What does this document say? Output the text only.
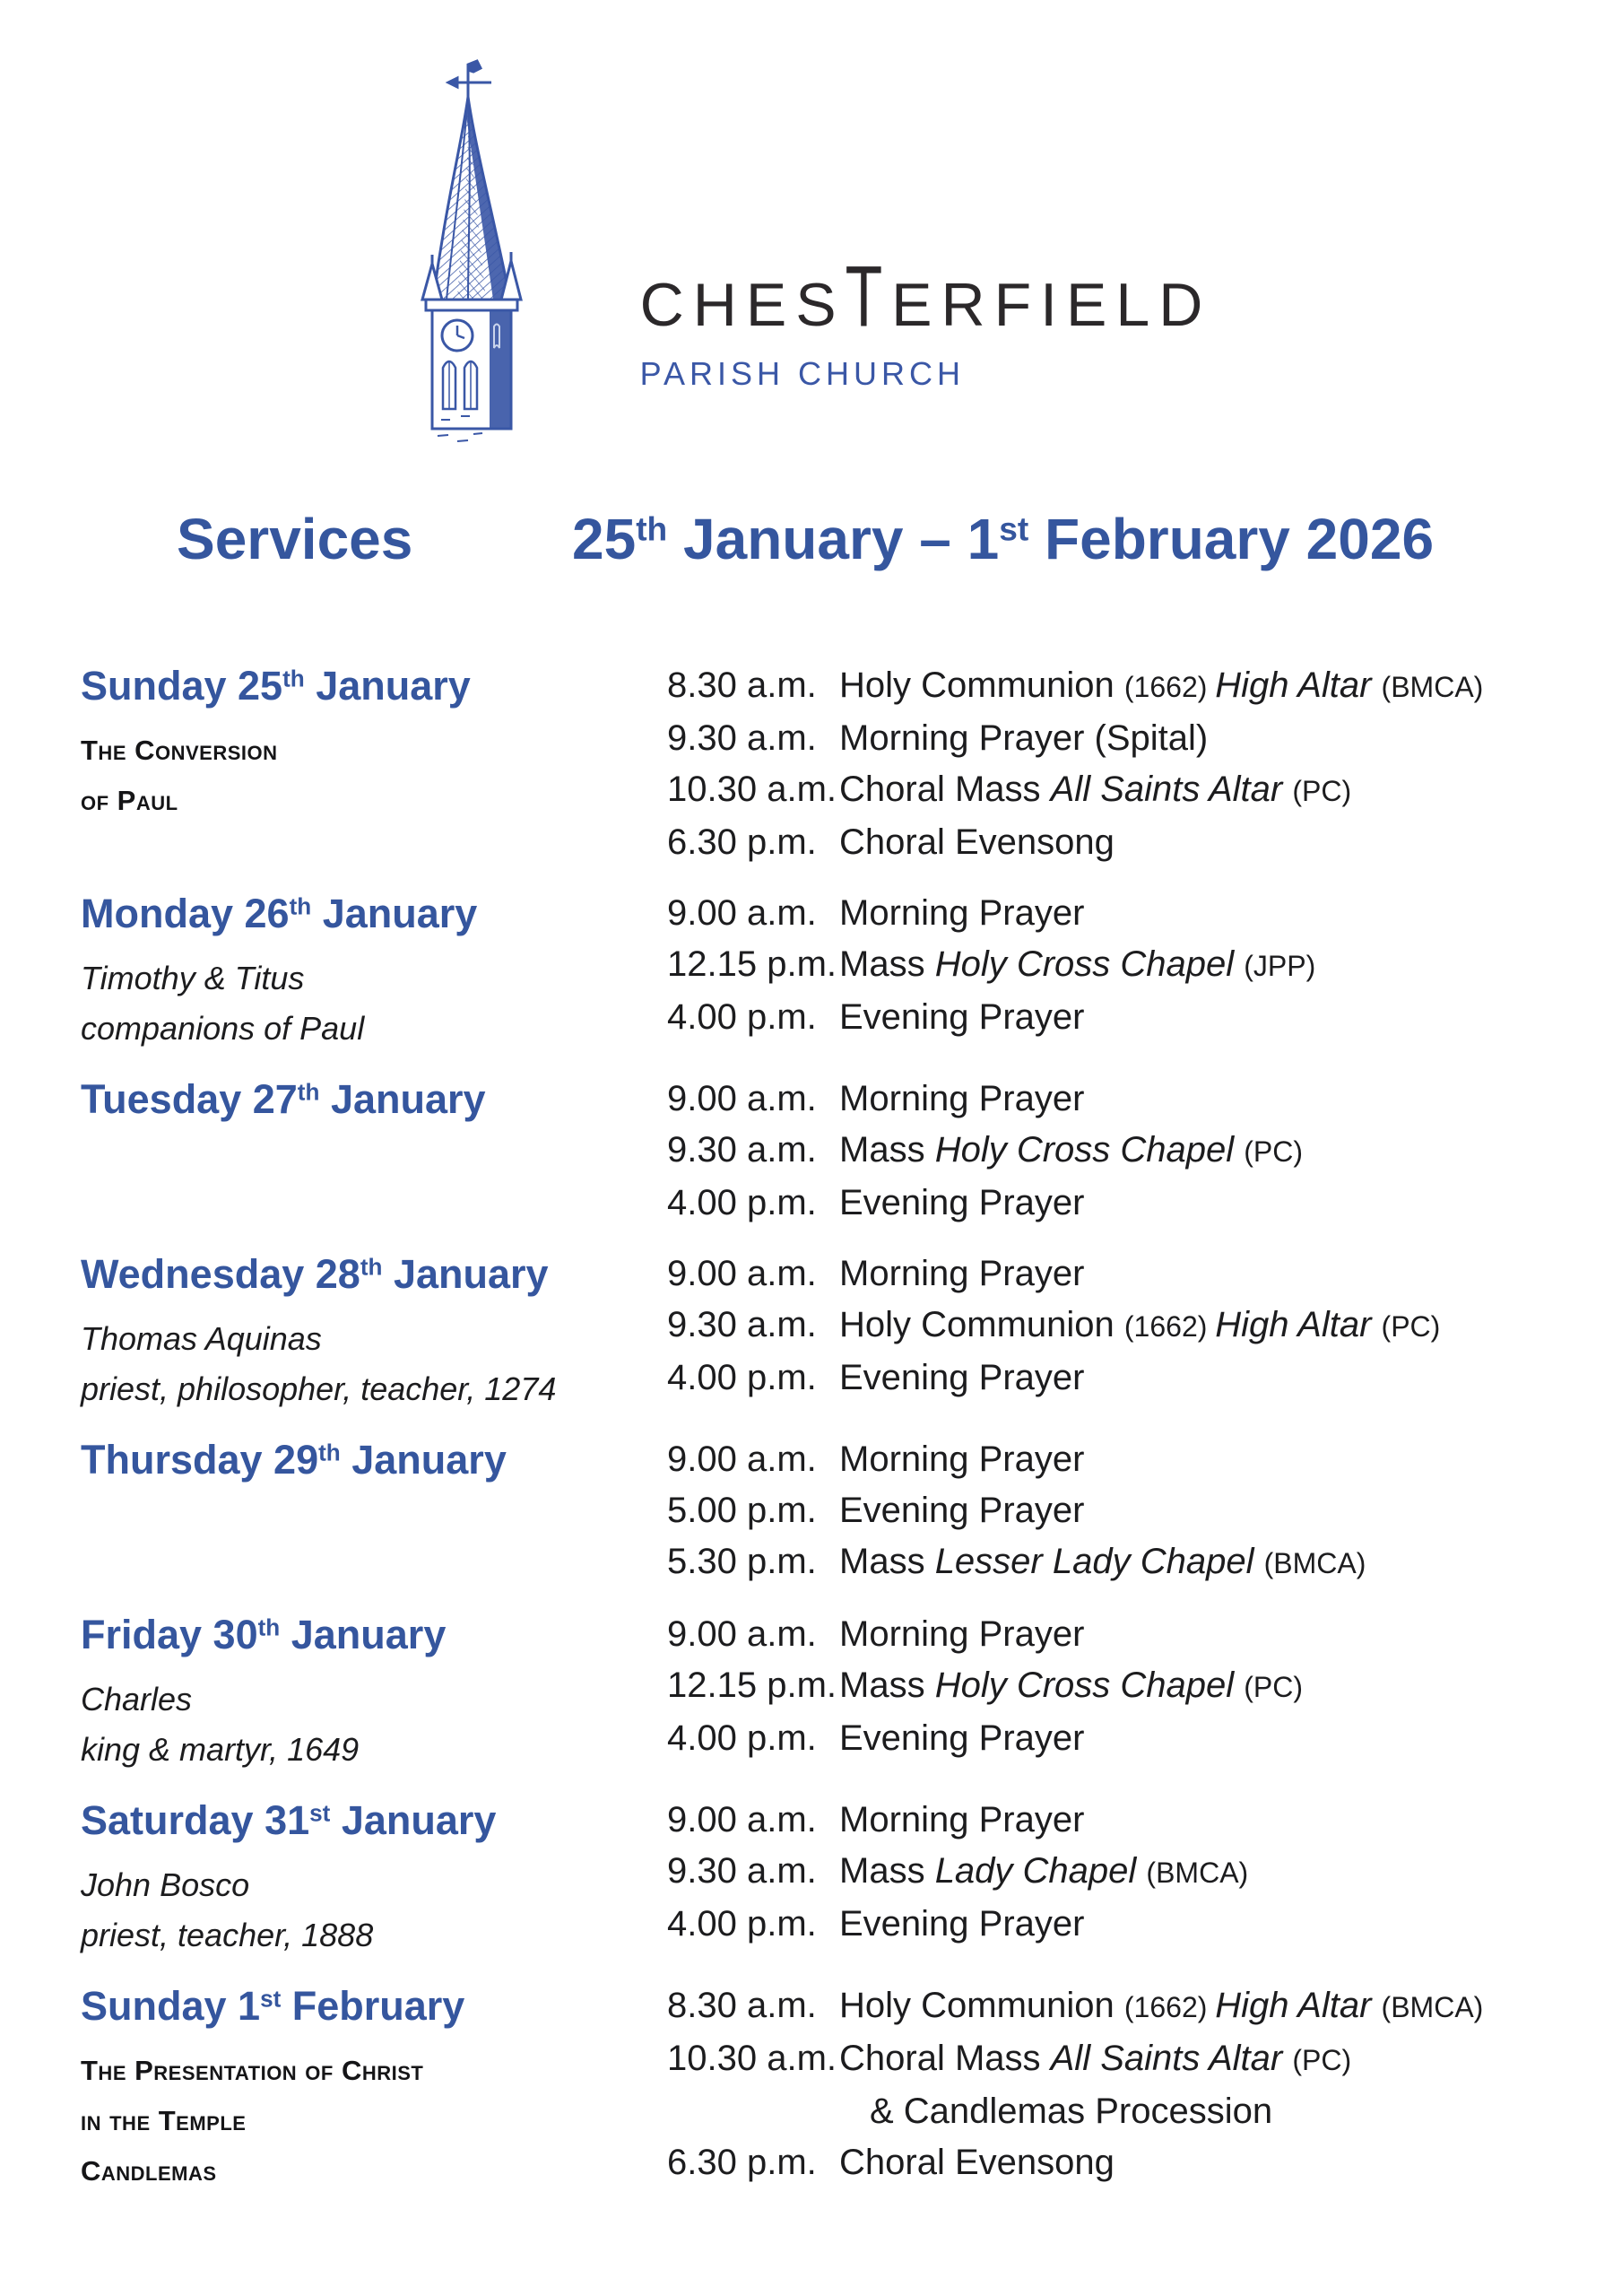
CHESTERFIELD
PARISH CHURCH
Services	25th January – 1st February 2026
Sunday 25th January
The Conversion
of Paul
8.30 a.m. Holy Communion (1662) High Altar (BMCA)
9.30 a.m. Morning Prayer (Spital)
10.30 a.m. Choral Mass All Saints Altar (PC)
6.30 p.m. Choral Evensong
Monday 26th January
Timothy & Titus
companions of Paul
9.00 a.m. Morning Prayer
12.15 p.m. Mass Holy Cross Chapel (JPP)
4.00 p.m. Evening Prayer
Tuesday 27th January	9.00 a.m. Morning Prayer
9.30 a.m. Mass Holy Cross Chapel (PC)
4.00 p.m. Evening Prayer
Wednesday 28th January
Thomas Aquinas
priest, philosopher, teacher, 1274
9.00 a.m. Morning Prayer
9.30 a.m. Holy Communion (1662) High Altar (PC)
4.00 p.m. Evening Prayer
Thursday 29th January	9.00 a.m. Morning Prayer
5.00 p.m. Evening Prayer
5.30 p.m. Mass Lesser Lady Chapel (BMCA)
Friday 30th January
Charles
king & martyr, 1649
9.00 a.m. Morning Prayer
12.15 p.m. Mass Holy Cross Chapel (PC)
4.00 p.m. Evening Prayer
Saturday 31st January
John Bosco
priest, teacher, 1888
9.00 a.m. Morning Prayer
9.30 a.m. Mass Lady Chapel (BMCA)
4.00 p.m. Evening Prayer
Sunday 1st February
The Presentation of Christ
in the Temple
Candlemas
8.30 a.m. Holy Communion (1662) High Altar (BMCA)
10.30 a.m. Choral Mass All Saints Altar (PC)
& Candlemas Procession
6.30 p.m. Choral Evensong
